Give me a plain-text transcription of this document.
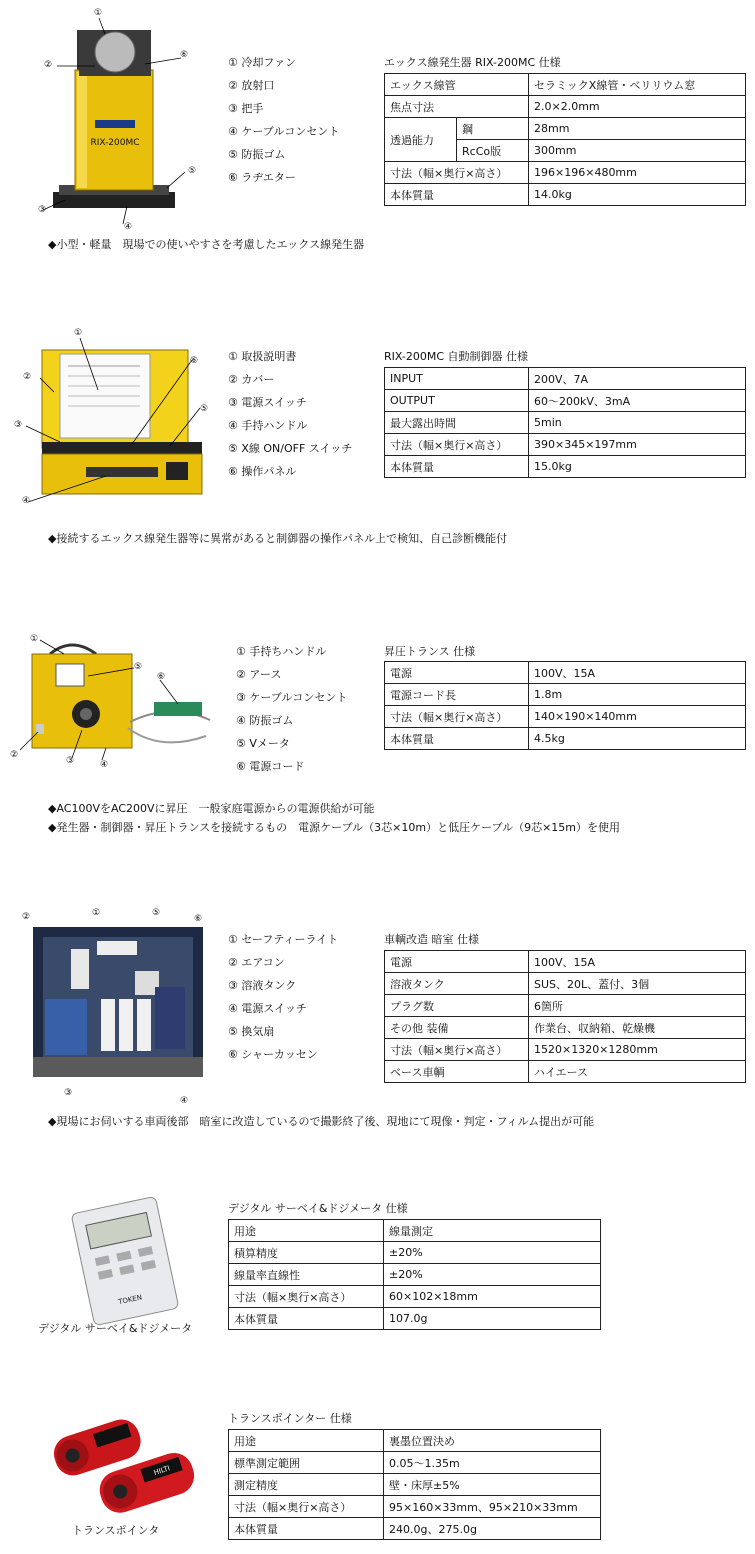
RIX-200MC
①
②
⑥
③
④
⑤
① 冷却ファン
② 放射口
③ 把手
④ ケーブルコンセント
⑤ 防振ゴム
⑥ ラヂエター
エックス線発生器 RIX-200MC 仕様
エックス線管		セラミックX線管・ベリリウム窓
焦点寸法		2.0×2.0mm
透過能力	鋼	28mm
	RcCo版	300mm
寸法（幅×奥行×高さ）		196×196×480mm
本体質量		14.0kg
◆小型・軽量　現場での使いやすさを考慮したエックス線発生器
①
②
③
④
⑤
⑥	① 取扱説明書
② カバー
③ 電源スイッチ
④ 手持ハンドル
⑤ X線 ON/OFF スイッチ
⑥ 操作パネル
RIX-200MC 自動制御器 仕様
INPUT	200V、7A
OUTPUT	60〜200kV、3mA
最大露出時間	5min
寸法（幅×奥行×高さ）	390×345×197mm
本体質量	15.0kg
◆接続するエックス線発生器等に異常があると制御器の操作パネル上で検知、自己診断機能付
①
②
③	④
⑤
⑥
① 手持ちハンドル
② アース
③ ケーブルコンセント
④ 防振ゴム
⑤ Vメータ
⑥ 電源コード
昇圧トランス 仕様
電源	100V、15A
電源コード長	1.8m
寸法（幅×奥行×高さ）	140×190×140mm
本体質量	4.5kg
◆AC100VをAC200Vに昇圧　一般家庭電源からの電源供給が可能
◆発生器・制御器・昇圧トランスを接続するもの　電源ケーブル（3芯×10m）と低圧ケーブル（9芯×15m）を使用
①
②
③
④
⑤
⑥
① セーフティーライト
② エアコン
③ 溶液タンク
④ 電源スイッチ
⑤ 換気扇
⑥ シャーカッセン
車輌改造 暗室 仕様
電源	100V、15A
溶液タンク	SUS、20L、蓋付、3個
プラグ数	6箇所
その他 装備	作業台、収納箱、乾燥機
寸法（幅×奥行×高さ）	1520×1320×1280mm
ベース車輌	ハイエース
◆現場にお伺いする車両後部　暗室に改造しているので撮影終了後、現地にて現像・判定・フィルム提出が可能
TOKEN
デジタル サーベイ&ドジメータ
デジタル サーベイ&ドジメータ 仕様
用途	線量測定
積算精度	±20%
線量率直線性	±20%
寸法（幅×奥行×高さ）	60×102×18mm
本体質量	107.0g
HILTI
トランスポインタ
トランスポインター 仕様
用途	裏墨位置決め
標準測定範囲	0.05〜1.35m
測定精度	壁・床厚±5%
寸法（幅×奥行×高さ）	95×160×33mm、95×210×33mm
本体質量	240.0g、275.0g
